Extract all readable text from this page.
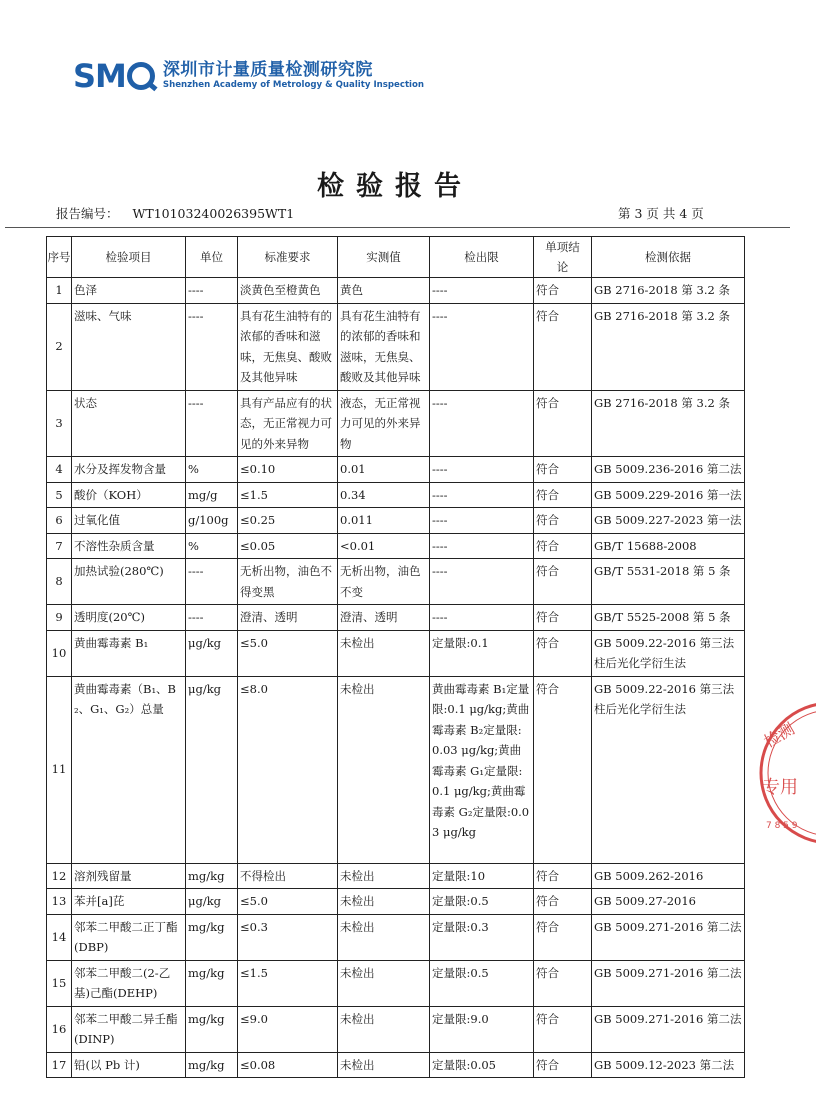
SM 深圳市计量质量检测研究院
Shenzhen Academy of Metrology & Quality Inspection
检验报告
报告编号： WT10103240026395WT1	第 3 页 共 4 页
序号	检验项目	单位	标准要求	实测值	检出限	单项结论	检测依据
1	色泽	----	淡黄色至橙黄色	黄色	----	符合	GB 2716-2018 第 3.2 条
2	滋味、气味	----	具有花生油特有的浓郁的香味和滋味，无焦臭、酸败及其他异味	具有花生油特有的浓郁的香味和滋味，无焦臭、酸败及其他异味	----	符合	GB 2716-2018 第 3.2 条
3	状态	----	具有产品应有的状态，无正常视力可见的外来异物	液态，无正常视力可见的外来异物	----	符合	GB 2716-2018 第 3.2 条
4	水分及挥发物含量	%	≤0.10	0.01	----	符合	GB 5009.236-2016 第二法
5	酸价（KOH）	mg/g	≤1.5	0.34	----	符合	GB 5009.229-2016 第一法
6	过氧化值	g/100g	≤0.25	0.011	----	符合	GB 5009.227-2023 第一法
7	不溶性杂质含量	%	≤0.05	<0.01	----	符合	GB/T 15688-2008
8	加热试验(280℃)	----	无析出物，油色不得变黑	无析出物，油色不变	----	符合	GB/T 5531-2018 第 5 条
9	透明度(20℃)	----	澄清、透明	澄清、透明	----	符合	GB/T 5525-2008 第 5 条
10	黄曲霉毒素 B₁	μg/kg	≤5.0	未检出	定量限:0.1	符合	GB 5009.22-2016 第三法 柱后光化学衍生法
11	黄曲霉毒素（B₁、B₂、G₁、G₂）总量	μg/kg	≤8.0	未检出	黄曲霉毒素 B₁定量限:0.1 μg/kg;黄曲霉毒素 B₂定量限:0.03 μg/kg;黄曲霉毒素 G₁定量限:0.1 μg/kg;黄曲霉毒素 G₂定量限:0.03 μg/kg	符合	GB 5009.22-2016 第三法 柱后光化学衍生法
12	溶剂残留量	mg/kg	不得检出	未检出	定量限:10	符合	GB 5009.262-2016
13	苯并[a]芘	μg/kg	≤5.0	未检出	定量限:0.5	符合	GB 5009.27-2016
14	邻苯二甲酸二正丁酯(DBP)	mg/kg	≤0.3	未检出	定量限:0.3	符合	GB 5009.271-2016 第二法
15	邻苯二甲酸二(2-乙基)己酯(DEHP)	mg/kg	≤1.5	未检出	定量限:0.5	符合	GB 5009.271-2016 第二法
16	邻苯二甲酸二异壬酯(DINP)	mg/kg	≤9.0	未检出	定量限:9.0	符合	GB 5009.271-2016 第二法
17	铅(以 Pb 计)	mg/kg	≤0.08	未检出	定量限:0.05	符合	GB 5009.12-2023 第二法
检测
专用
7 8 5 9
